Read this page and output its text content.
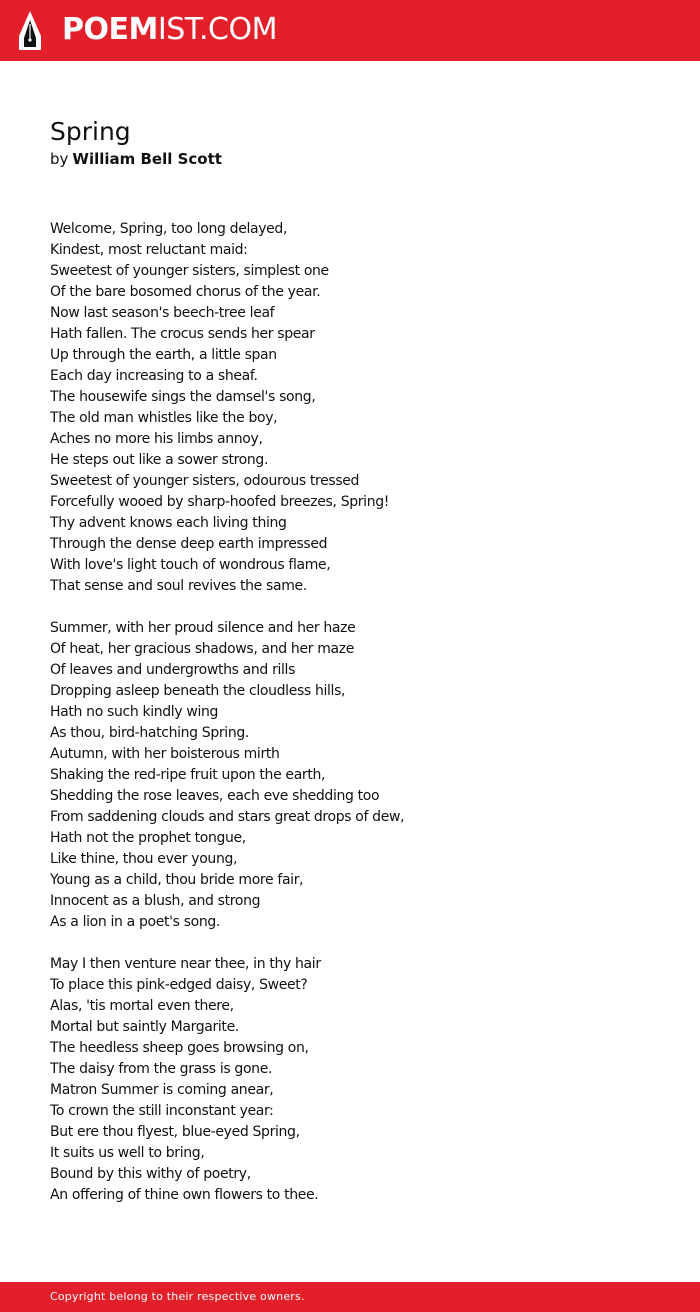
POEMIST.COM
Spring
by William Bell Scott
Welcome, Spring, too long delayed,
Kindest, most reluctant maid:
Sweetest of younger sisters, simplest one
Of the bare bosomed chorus of the year.
Now last season's beech-tree leaf
Hath fallen. The crocus sends her spear
Up through the earth, a little span
Each day increasing to a sheaf.
The housewife sings the damsel's song,
The old man whistles like the boy,
Aches no more his limbs annoy,
He steps out like a sower strong.
Sweetest of younger sisters, odourous tressed
Forcefully wooed by sharp-hoofed breezes, Spring!
Thy advent knows each living thing
Through the dense deep earth impressed
With love's light touch of wondrous flame,
That sense and soul revives the same.
Summer, with her proud silence and her haze
Of heat, her gracious shadows, and her maze
Of leaves and undergrowths and rills
Dropping asleep beneath the cloudless hills,
Hath no such kindly wing
As thou, bird-hatching Spring.
Autumn, with her boisterous mirth
Shaking the red-ripe fruit upon the earth,
Shedding the rose leaves, each eve shedding too
From saddening clouds and stars great drops of dew,
Hath not the prophet tongue,
Like thine, thou ever young,
Young as a child, thou bride more fair,
Innocent as a blush, and strong
As a lion in a poet's song.
May I then venture near thee, in thy hair
To place this pink-edged daisy, Sweet?
Alas, 'tis mortal even there,
Mortal but saintly Margarite.
The heedless sheep goes browsing on,
The daisy from the grass is gone.
Matron Summer is coming anear,
To crown the still inconstant year:
But ere thou flyest, blue-eyed Spring,
It suits us well to bring,
Bound by this withy of poetry,
An offering of thine own flowers to thee.
Copyright belong to their respective owners.
